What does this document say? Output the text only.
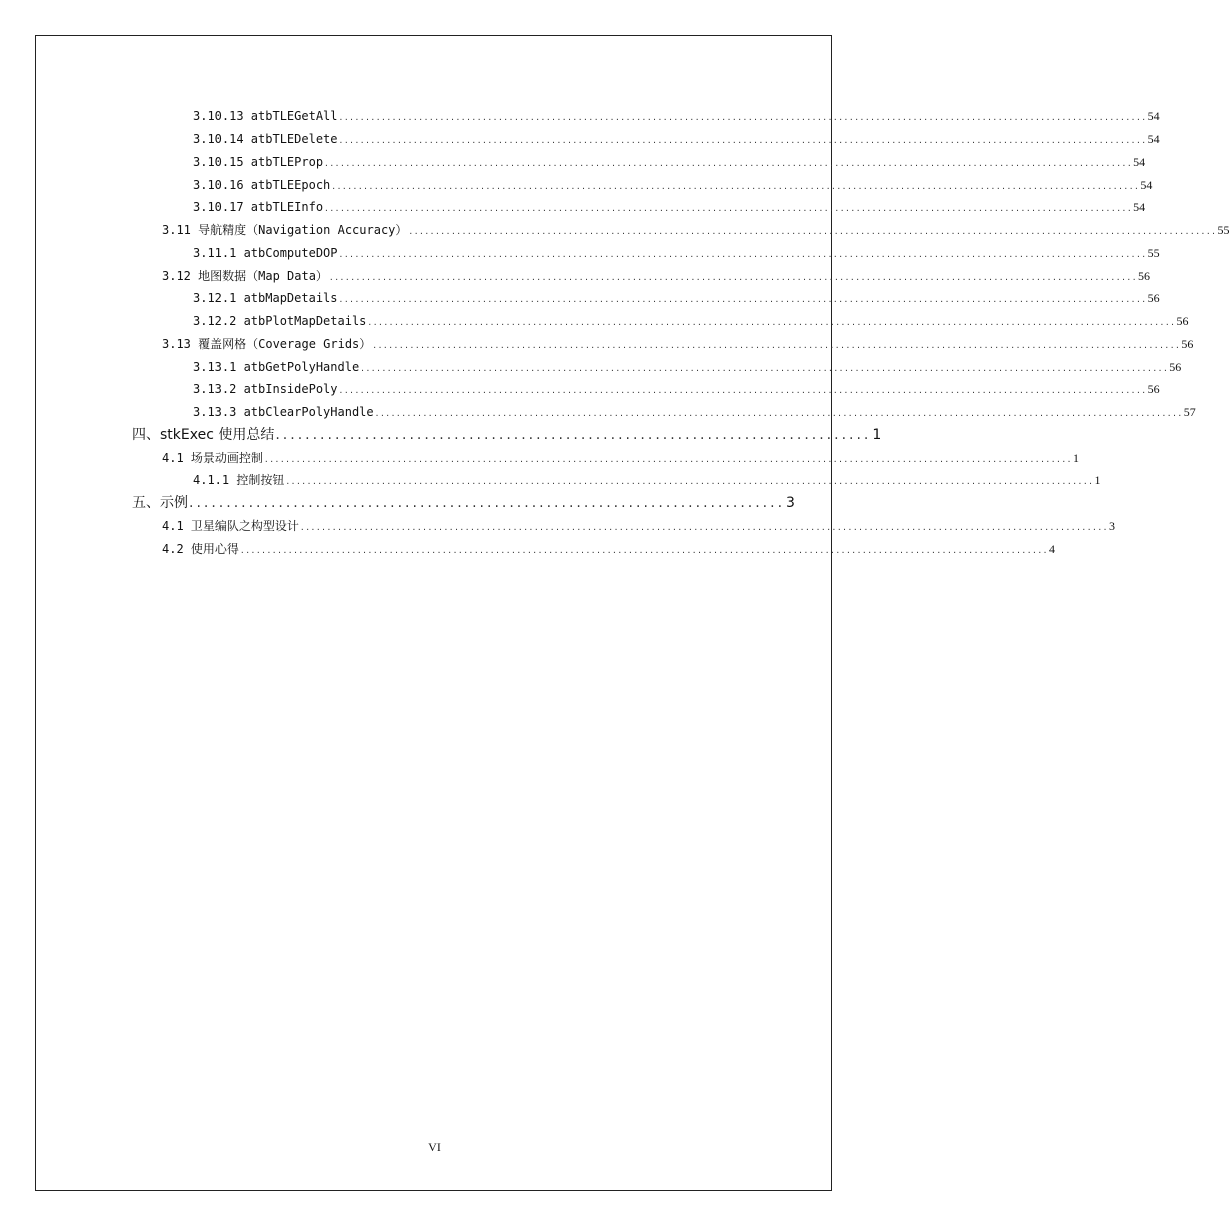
3.10.13 atbTLEGetAll ........................................................................................................................................................ 54
3.10.14 atbTLEDelete ........................................................................................................................................................ 54
3.10.15 atbTLEProp ........................................................................................................................................................ 54
3.10.16 atbTLEEpoch ........................................................................................................................................................ 54
3.10.17 atbTLEInfo ........................................................................................................................................................ 54
3.11 导航精度（Navigation Accuracy） ........................................................................................................................................................ 55
3.11.1 atbComputeDOP ........................................................................................................................................................ 55
3.12 地图数据（Map Data） ........................................................................................................................................................ 56
3.12.1 atbMapDetails ........................................................................................................................................................ 56
3.12.2 atbPlotMapDetails ........................................................................................................................................................ 56
3.13 覆盖网格（Coverage Grids） ........................................................................................................................................................ 56
3.13.1 atbGetPolyHandle ........................................................................................................................................................ 56
3.13.2 atbInsidePoly ........................................................................................................................................................ 56
3.13.3 atbClearPolyHandle ........................................................................................................................................................ 57
四、stkExec 使用总结 ................................................................................ 1
4.1 场景动画控制 ........................................................................................................................................................ 1
4.1.1 控制按钮 ........................................................................................................................................................ 1
五、示例 ................................................................................ 3
4.1 卫星编队之构型设计 ........................................................................................................................................................ 3
4.2 使用心得 ........................................................................................................................................................ 4
VI
